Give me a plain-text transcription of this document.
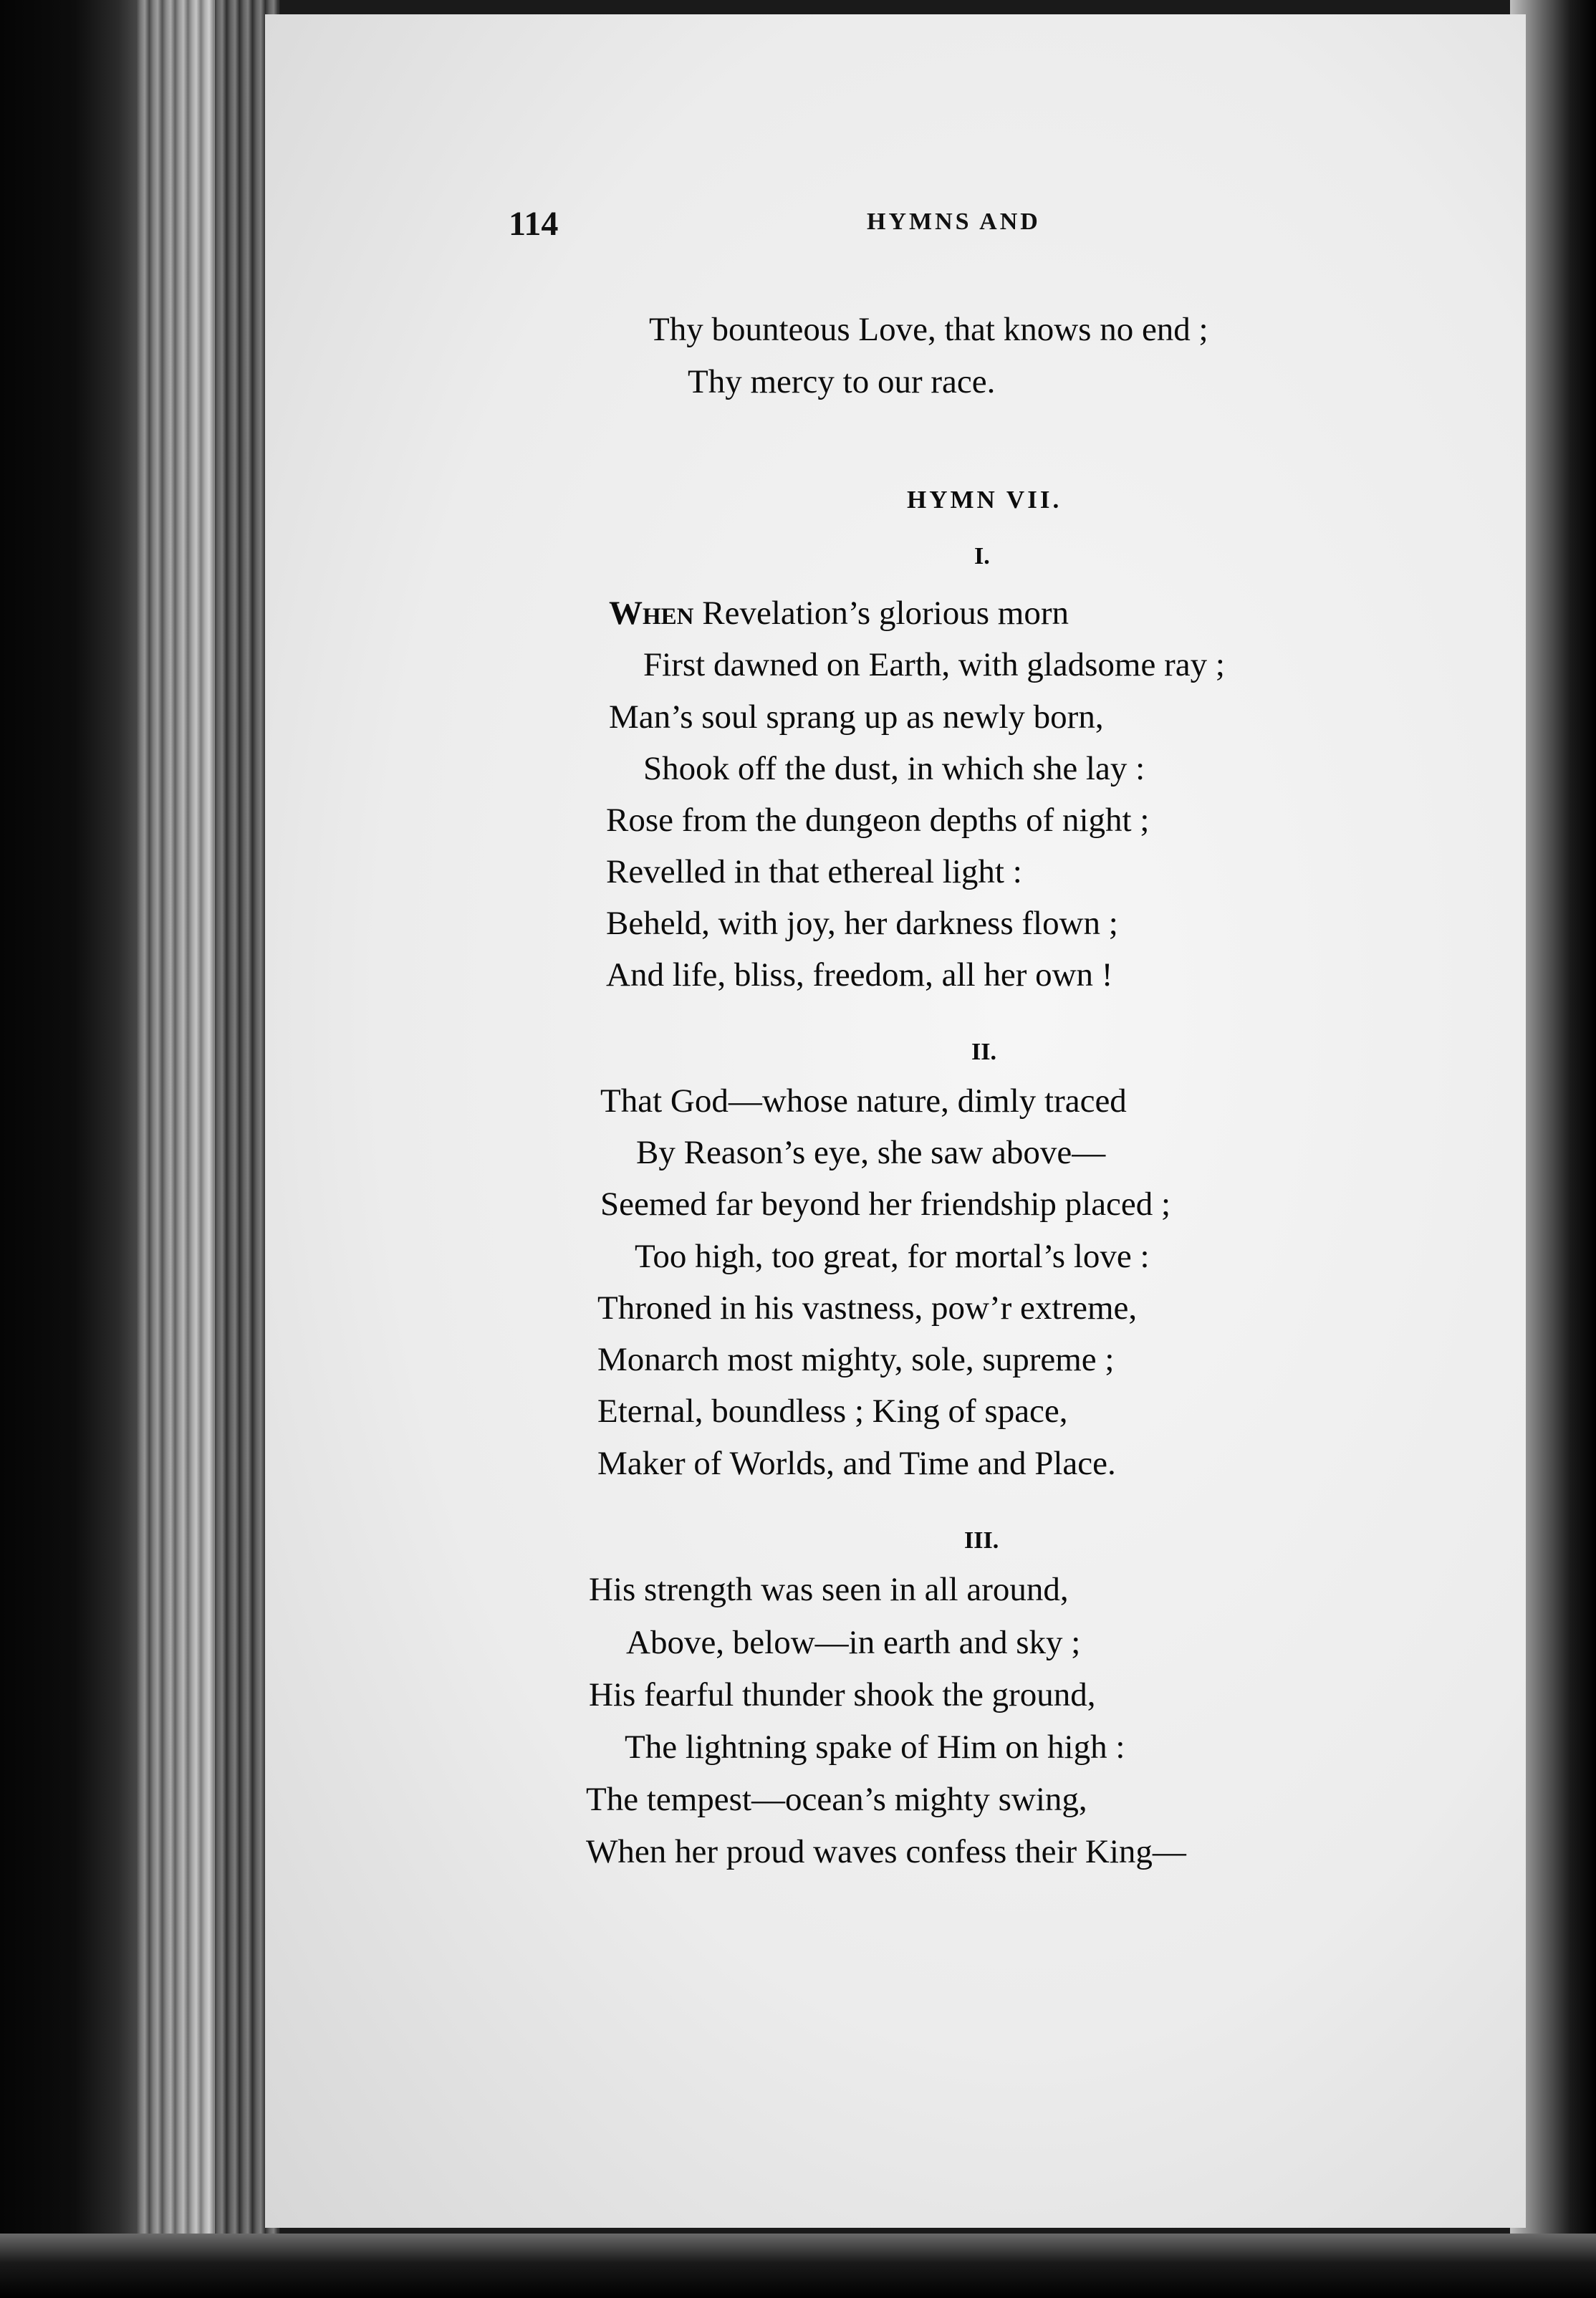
114	HYMNS AND
Thy bounteous Love, that knows no end ;
Thy mercy to our race.
HYMN VII.
I.
When Revelation’s glorious morn
First dawned on Earth, with gladsome ray ;
Man’s soul sprang up as newly born,
Shook off the dust, in which she lay :
Rose from the dungeon depths of night ;
Revelled in that ethereal light :
Beheld, with joy, her darkness flown ;
And life, bliss, freedom, all her own !
II.
That God—whose nature, dimly traced
By Reason’s eye, she saw above—
Seemed far beyond her friendship placed ;
Too high, too great, for mortal’s love :
Throned in his vastness, pow’r extreme,
Monarch most mighty, sole, supreme ;
Eternal, boundless ; King of space,
Maker of Worlds, and Time and Place.
III.
His strength was seen in all around,
Above, below—in earth and sky ;
His fearful thunder shook the ground,
The lightning spake of Him on high :
The tempest—ocean’s mighty swing,
When her proud waves confess their King—
